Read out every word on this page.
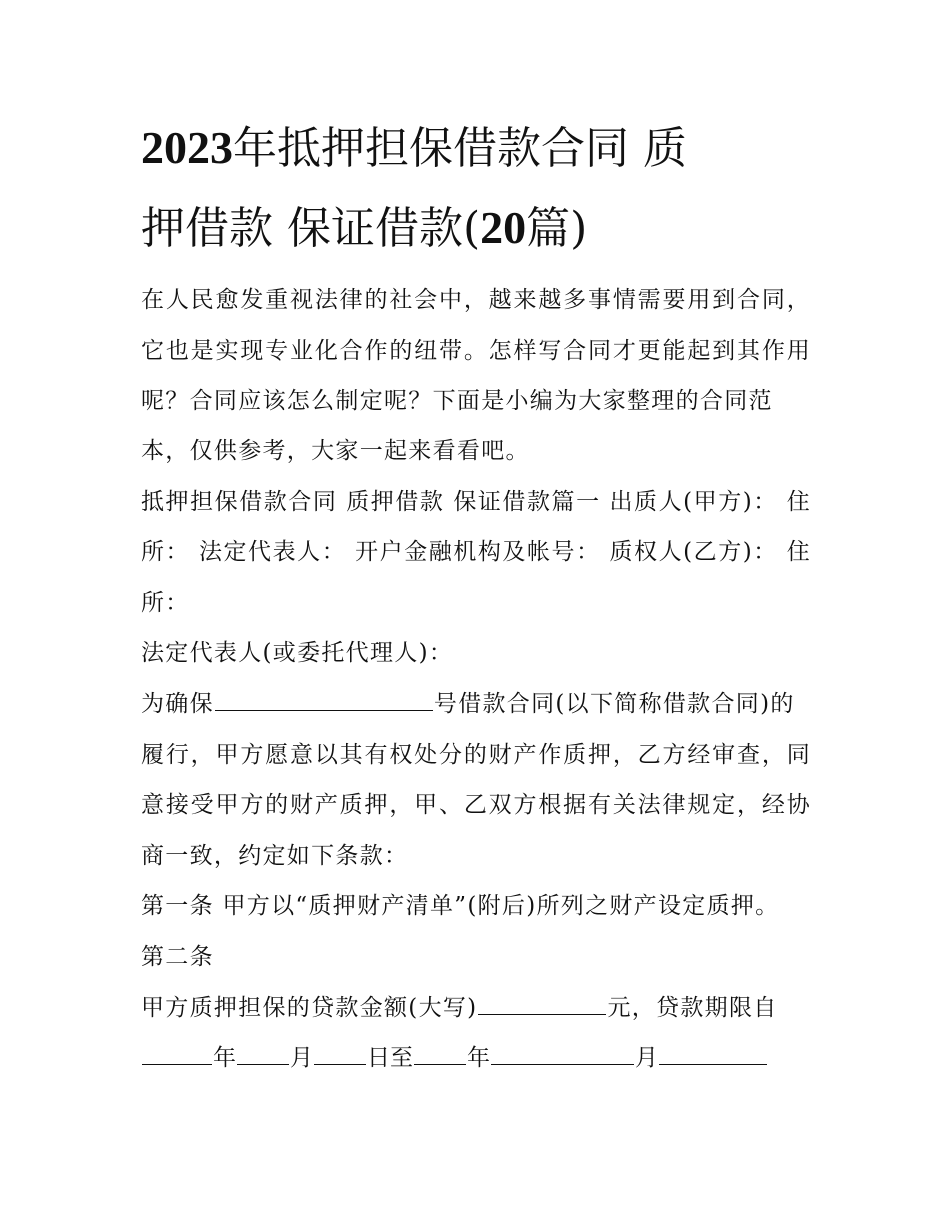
2023年抵押担保借款合同 质
押借款 保证借款(20篇)
在人民愈发重视法律的社会中，越来越多事情需要用到合同，
它也是实现专业化合作的纽带。怎样写合同才更能起到其作用
呢？合同应该怎么制定呢？下面是小编为大家整理的合同范
本，仅供参考，大家一起来看看吧。
抵押担保借款合同 质押借款 保证借款篇一 出质人(甲方)： 住
所： 法定代表人： 开户金融机构及帐号： 质权人(乙方)： 住
所：
法定代表人(或委托代理人)：
为确保	号借款合同(以下简称借款合同)的
履行，甲方愿意以其有权处分的财产作质押，乙方经审查，同
意接受甲方的财产质押，甲、乙双方根据有关法律规定，经协
商一致，约定如下条款：
第一条 甲方以“质押财产清单”(附后)所列之财产设定质押。
第二条
甲方质押担保的贷款金额(大写)	元，贷款期限自
年 月 日至 年	月
